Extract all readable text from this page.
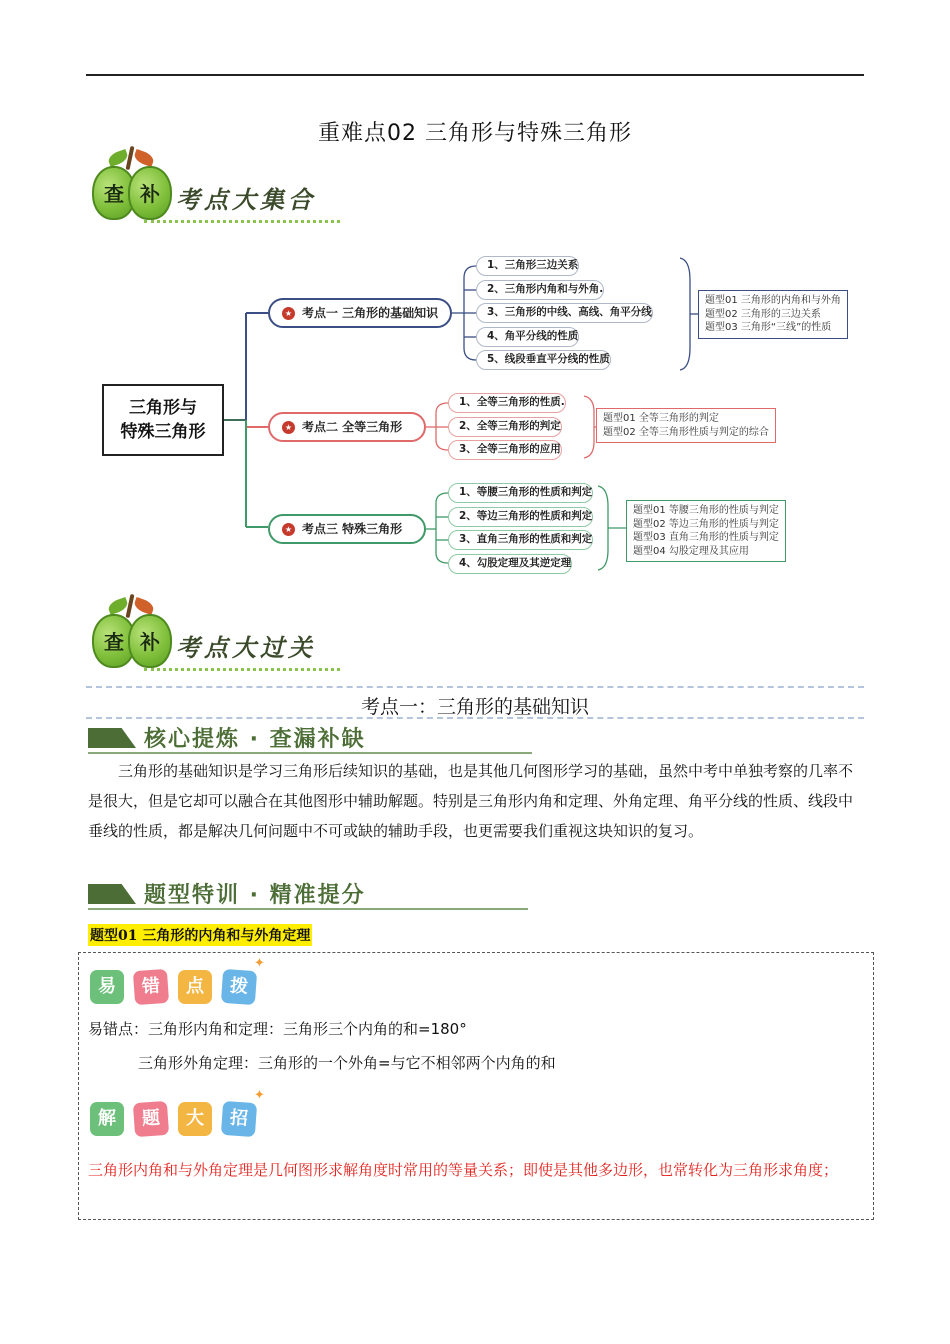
重难点02 三角形与特殊三角形
查 补 考点大集合
三角形与
特殊三角形
★ 考点一 三角形的基础知识
★ 考点二 全等三角形
★ 考点三 特殊三角形
1、三角形三边关系
2、三角形内角和与外角.
3、三角形的中线、高线、角平分线
4、角平分线的性质
5、线段垂直平分线的性质
题型01 三角形的内角和与外角
题型02 三角形的三边关系
题型03 三角形“三线”的性质
1、全等三角形的性质.
2、全等三角形的判定
3、全等三角形的应用
题型01 全等三角形的判定
题型02 全等三角形性质与判定的综合
1、等腰三角形的性质和判定
2、等边三角形的性质和判定
3、直角三角形的性质和判定
4、勾股定理及其逆定理
题型01 等腰三角形的性质与判定
题型02 等边三角形的性质与判定
题型03 直角三角形的性质与判定
题型04 勾股定理及其应用
查 补 考点大过关
考点一：三角形的基础知识
核心提炼 · 查漏补缺
三角形的基础知识是学习三角形后续知识的基础，也是其他几何图形学习的基础，虽然中考中单独考察的几率不是很大，但是它却可以融合在其他图形中辅助解题。特别是三角形内角和定理、外角定理、角平分线的性质、线段中垂线的性质，都是解决几何问题中不可或缺的辅助手段，也更需要我们重视这块知识的复习。
题型特训 · 精准提分
题型01 三角形的内角和与外角定理
易	错	点	拨
✦
易错点：三角形内角和定理：三角形三个内角的和=180°
三角形外角定理：三角形的一个外角=与它不相邻两个内角的和
解	题	大	招
✦
三角形内角和与外角定理是几何图形求解角度时常用的等量关系；即使是其他多边形，也常转化为三角形求角度；
